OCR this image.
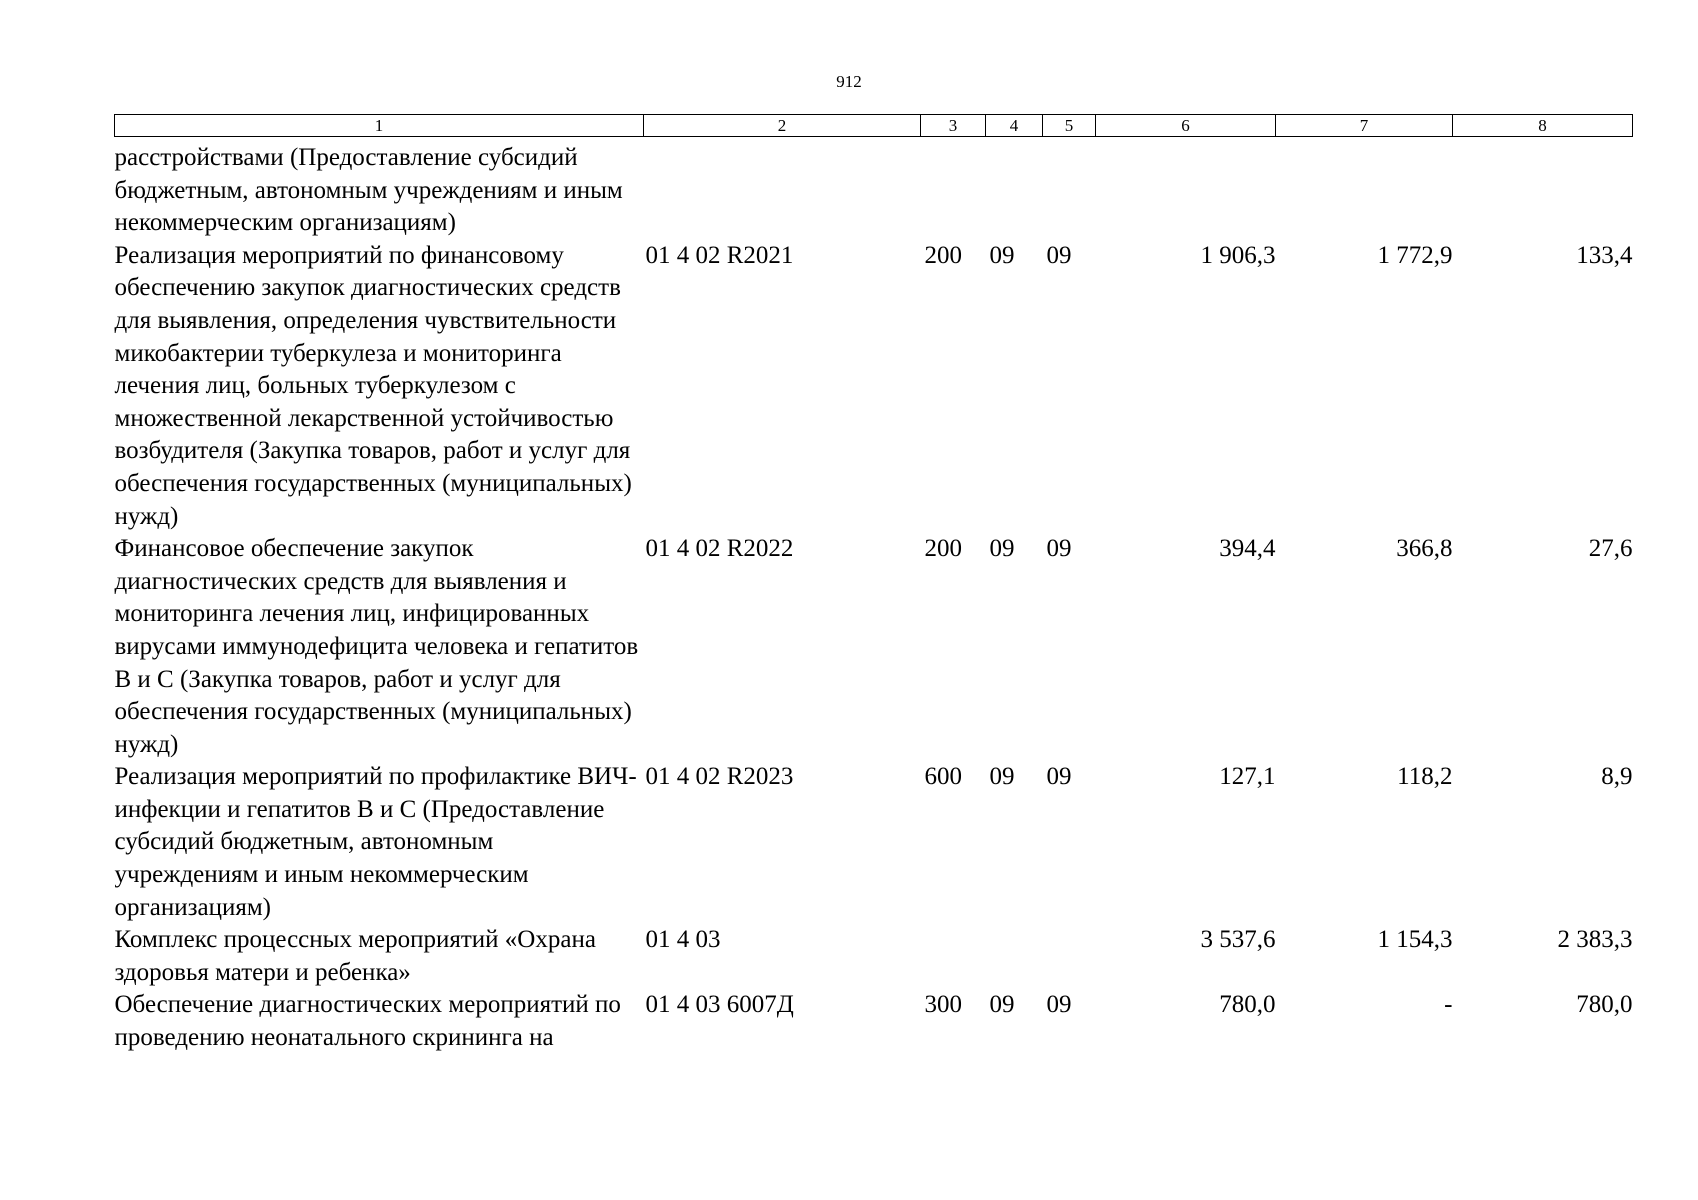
912
1	2	3	4	5	6	7	8
расстройствами (Предоставление субсидий бюджетным, автономным учреждениям и иным некоммерческим организациям)							
Реализация мероприятий по финансовому обеспечению закупок диагностических средств для выявления, определения чувствительности микобактерии туберкулеза и мониторинга лечения лиц, больных туберкулезом с множественной лекарственной устойчивостью возбудителя (Закупка товаров, работ и услуг для обеспечения государственных (муниципальных) нужд)	01 4 02 R2021	200	09	09	1 906,3	1 772,9	133,4
Финансовое обеспечение закупок диагностических средств для выявления и мониторинга лечения лиц, инфицированных вирусами иммунодефицита человека и гепатитов B и C (Закупка товаров, работ и услуг для обеспечения государственных (муниципальных) нужд)	01 4 02 R2022	200	09	09	394,4	366,8	27,6
Реализация мероприятий по профилактике ВИЧ-инфекции и гепатитов B и C (Предоставление субсидий бюджетным, автономным учреждениям и иным некоммерческим организациям)	01 4 02 R2023	600	09	09	127,1	118,2	8,9
Комплекс процессных мероприятий «Охрана здоровья матери и ребенка»	01 4 03				3 537,6	1 154,3	2 383,3
Обеспечение диагностических мероприятий по проведению неонатального скрининга на	01 4 03 6007Д	300	09	09	780,0	-	780,0
